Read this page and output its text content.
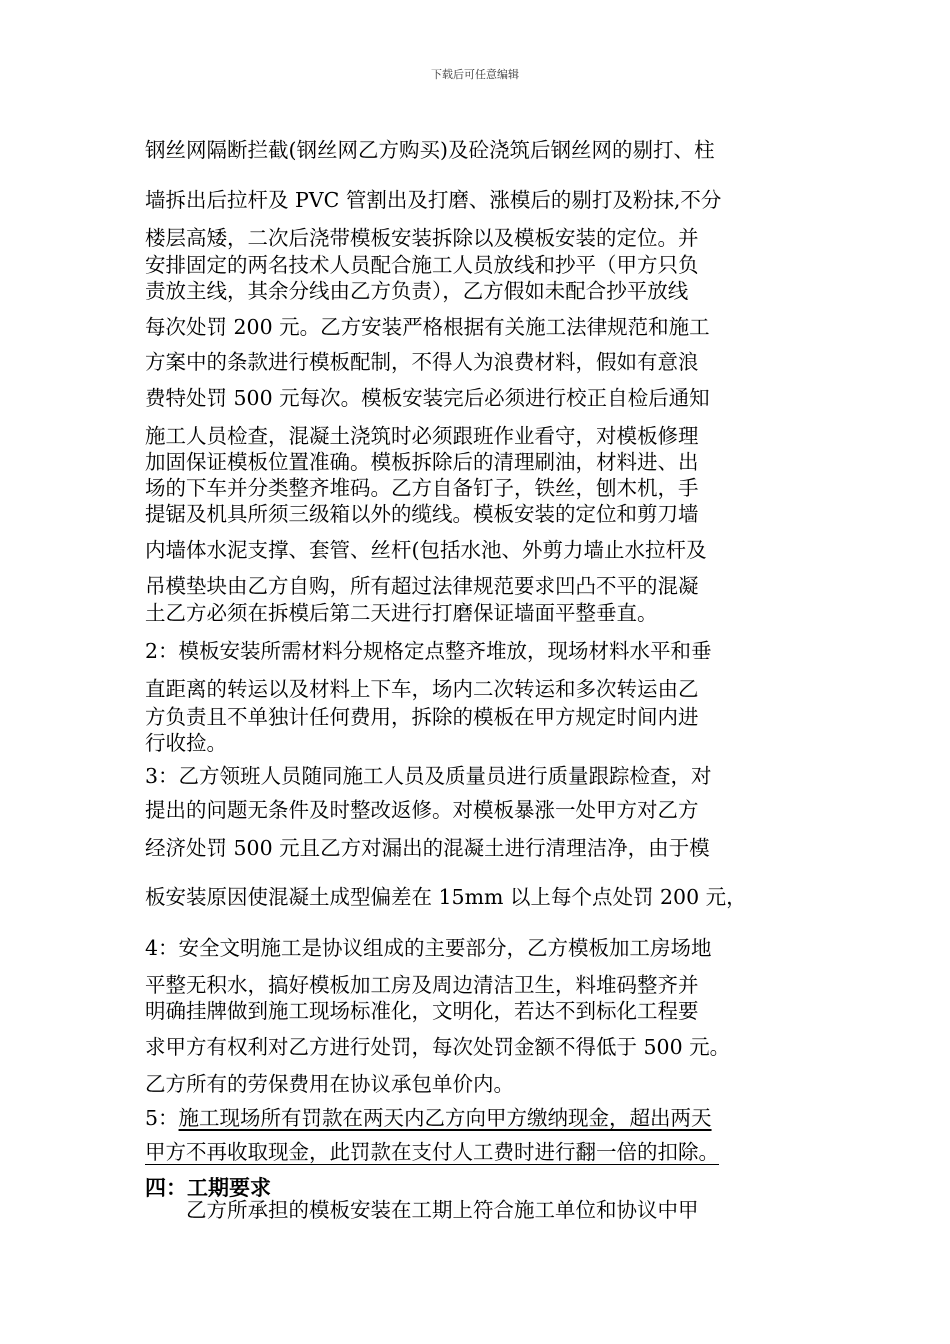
下载后可任意编辑
钢丝网隔断拦截(钢丝网乙方购买)及砼浇筑后钢丝网的剔打、柱
墙拆出后拉杆及 PVC 管割出及打磨、涨模后的剔打及粉抹,不分
楼层高矮，二次后浇带模板安装拆除以及模板安装的定位。并
安排固定的两名技术人员配合施工人员放线和抄平（甲方只负
责放主线，其余分线由乙方负责），乙方假如未配合抄平放线
每次处罚 200 元。乙方安装严格根据有关施工法律规范和施工
方案中的条款进行模板配制，不得人为浪费材料，假如有意浪
费特处罚 500 元每次。模板安装完后必须进行校正自检后通知
施工人员检查，混凝土浇筑时必须跟班作业看守，对模板修理
加固保证模板位置准确。模板拆除后的清理刷油，材料进、出
场的下车并分类整齐堆码。乙方自备钉子，铁丝，刨木机，手
提锯及机具所须三级箱以外的缆线。模板安装的定位和剪刀墙
内墙体水泥支撑、套管、丝杆(包括水池、外剪力墙止水拉杆及
吊模垫块由乙方自购，所有超过法律规范要求凹凸不平的混凝
土乙方必须在拆模后第二天进行打磨保证墙面平整垂直。
2：模板安装所需材料分规格定点整齐堆放，现场材料水平和垂
直距离的转运以及材料上下车，场内二次转运和多次转运由乙
方负责且不单独计任何费用，拆除的模板在甲方规定时间内进
行收捡。
3：乙方领班人员随同施工人员及质量员进行质量跟踪检查，对
提出的问题无条件及时整改返修。对模板暴涨一处甲方对乙方
经济处罚 500 元且乙方对漏出的混凝土进行清理洁净，由于模
板安装原因使混凝土成型偏差在 15mm 以上每个点处罚 200 元，
4：安全文明施工是协议组成的主要部分，乙方模板加工房场地
平整无积水，搞好模板加工房及周边清洁卫生，料堆码整齐并
明确挂牌做到施工现场标准化，文明化，若达不到标化工程要
求甲方有权利对乙方进行处罚，每次处罚金额不得低于 500 元。
乙方所有的劳保费用在协议承包单价内。
5：施工现场所有罚款在两天内乙方向甲方缴纳现金，超出两天
甲方不再收取现金，此罚款在支付人工费时进行翻一倍的扣除。
四：工期要求
　　乙方所承担的模板安装在工期上符合施工单位和协议中甲
